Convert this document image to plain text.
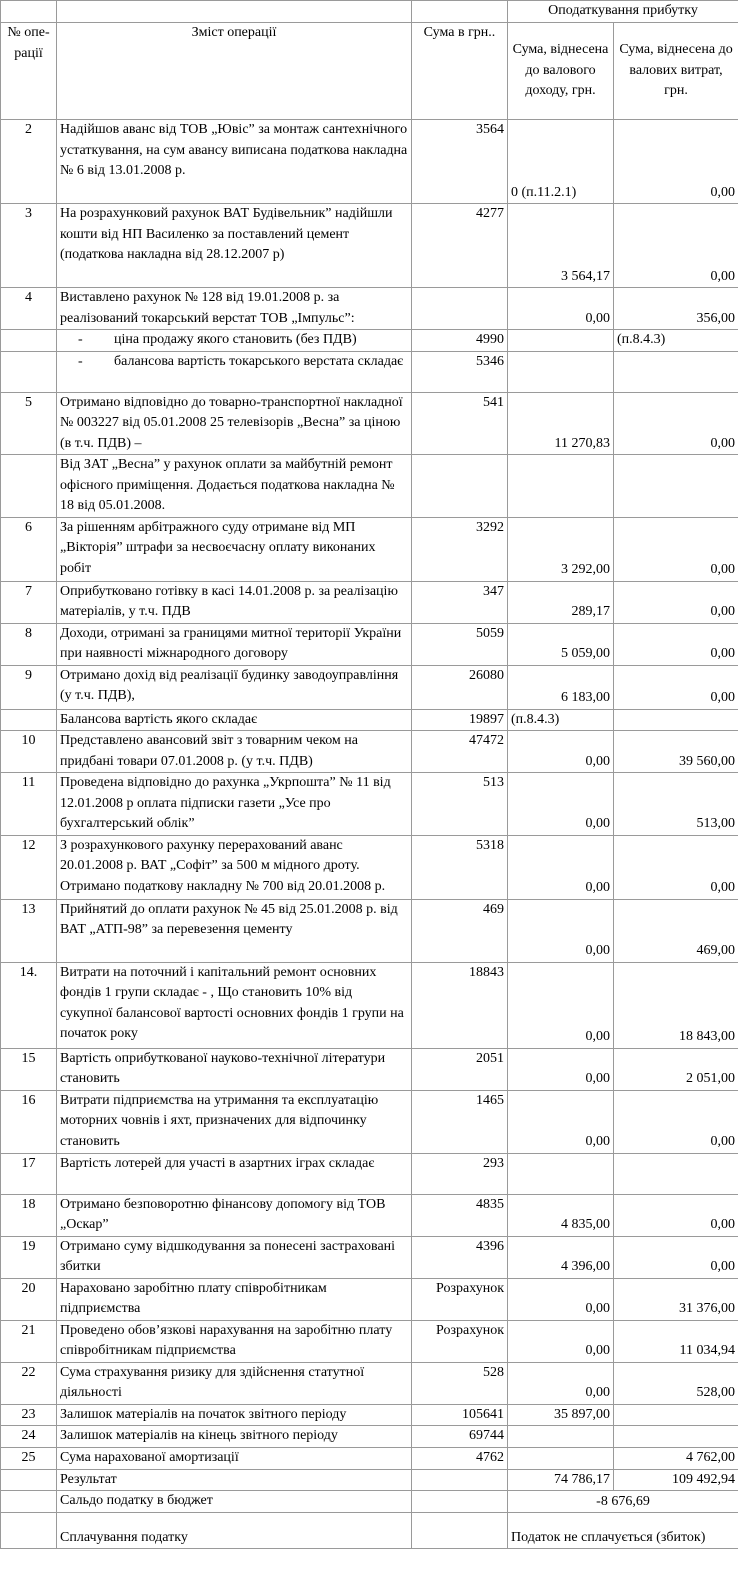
			Оподаткування прибутку	
№ опе-рації	Зміст операції	Сума в грн..	Сума, віднесена до валового доходу, грн.	Сума, віднесена до валових витрат, грн.
2	Надійшов аванс від ТОВ „Ювіс” за монтаж сантехнічного устаткування, на сум авансу виписана податкова накладна № 6 від 13.01.2008 р.	3564	0 (п.11.2.1)	0,00
3	На розрахунковий рахунок ВАТ Будівельник” надійшли кошти від НП Василенко за поставлений цемент (податкова накладна від 28.12.2007 р)	4277	3 564,17	0,00
4	Виставлено рахунок № 128 від 19.01.2008 р. за реалізований токарський верстат ТОВ „Імпульс”:		0,00	356,00
	- ціна продажу якого становить (без ПДВ)	4990		(п.8.4.3)
	- балансова вартість токарського верстата складає	5346		
5	Отримано відповідно до товарно-транспортної накладної № 003227 від 05.01.2008 25 телевізорів „Весна” за ціною (в т.ч. ПДВ) –	541	11 270,83	0,00
	Від ЗАТ „Весна” у рахунок оплати за майбутній ремонт офісного приміщення. Додається податкова накладна № 18 від 05.01.2008.			
6	За рішенням арбітражного суду отримане від МП „Вікторія” штрафи за несвоєчасну оплату виконаних робіт	3292	3 292,00	0,00
7	Оприбутковано готівку в касі 14.01.2008 р. за реалізацію матеріалів, у т.ч. ПДВ	347	289,17	0,00
8	Доходи, отримані за границями митної території України при наявності міжнародного договору	5059	5 059,00	0,00
9	Отримано дохід від реалізації будинку заводоуправління (у т.ч. ПДВ),	26080	6 183,00	0,00
	Балансова вартість якого складає	19897	(п.8.4.3)	
10	Представлено авансовий звіт з товарним чеком на придбані товари 07.01.2008 р. (у т.ч. ПДВ)	47472	0,00	39 560,00
11	Проведена відповідно до рахунка „Укрпошта” № 11 від 12.01.2008 р оплата підписки газети „Усе про бухгалтерський облік”	513	0,00	513,00
12	З розрахункового рахунку перерахований аванс 20.01.2008 р. ВАТ „Софіт” за 500 м мідного дроту. Отримано податкову накладну № 700 від 20.01.2008 р.	5318	0,00	0,00
13	Прийнятий до оплати рахунок № 45 від 25.01.2008 р. від ВАТ „АТП-98” за перевезення цементу	469	0,00	469,00
14.	Витрати на поточний і капітальний ремонт основних фондів 1 групи складає - , Що становить 10% від сукупної балансової вартості основних фондів 1 групи на початок року	18843	0,00	18 843,00
15	Вартість оприбуткованої науково-технічної літератури становить	2051	0,00	2 051,00
16	Витрати підприємства на утримання та експлуатацію моторних човнів і яхт, призначених для відпочинку становить	1465	0,00	0,00
17	Вартість лотерей для участі в азартних іграх складає	293		
18	Отримано безповоротню фінансову допомогу від ТОВ „Оскар”	4835	4 835,00	0,00
19	Отримано суму відшкодування за понесені застраховані збитки	4396	4 396,00	0,00
20	Нараховано заробітню плату співробітникам підприємства	Розрахунок	0,00	31 376,00
21	Проведено обов’язкові нарахування на заробітню плату співробітникам підприємства	Розрахунок	0,00	11 034,94
22	Сума страхування ризику для здійснення статутної діяльності	528	0,00	528,00
23	Залишок матеріалів на початок звітного періоду	105641	35 897,00	
24	Залишок матеріалів на кінець звітного періоду	69744		
25	Сума нарахованої амортизації	4762		4 762,00
	Результат		74 786,17	109 492,94
	Сальдо податку в бюджет		-8 676,69	
	Сплачування податку		Податок не сплачується (збиток)	
